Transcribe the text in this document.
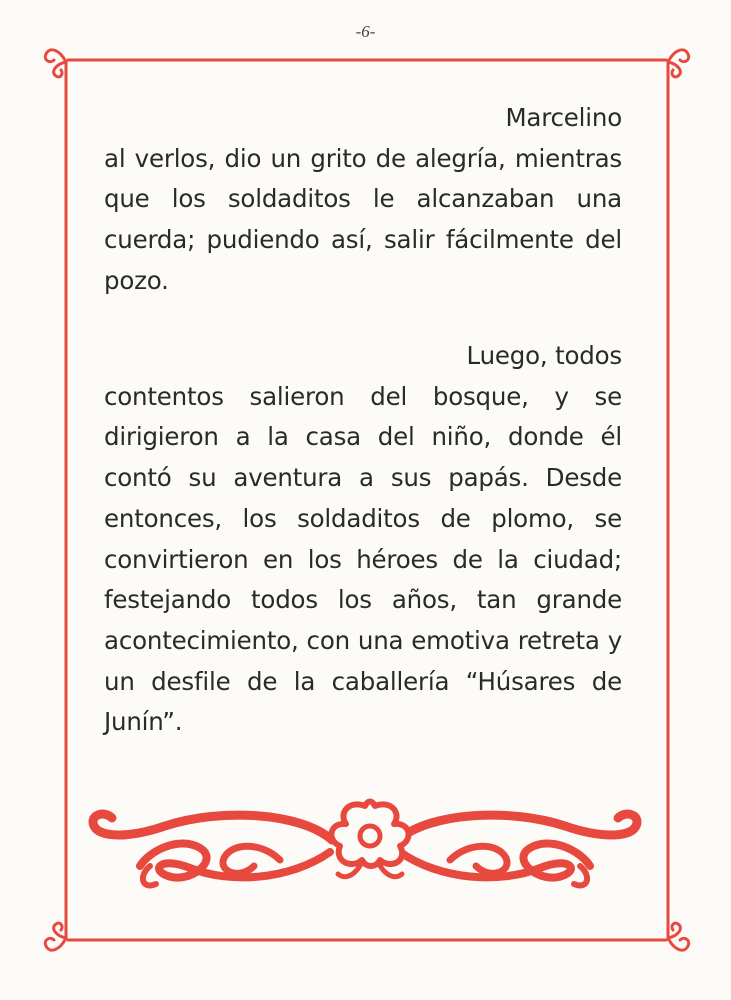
-6-
Marcelino

al verlos, dio un grito de alegría, mientras que los soldaditos le alcanzaban una cuerda; pudiendo así, salir fácilmente del pozo.

Luego, todos

contentos salieron del bosque, y se dirigieron a la casa del niño, donde él contó su aventura a sus papás. Desde entonces, los soldaditos de plomo, se convirtieron en los héroes de la ciudad; festejando todos los años, tan grande acontecimiento, con una emotiva retreta y un desfile de la caballería “Húsares de Junín”.
